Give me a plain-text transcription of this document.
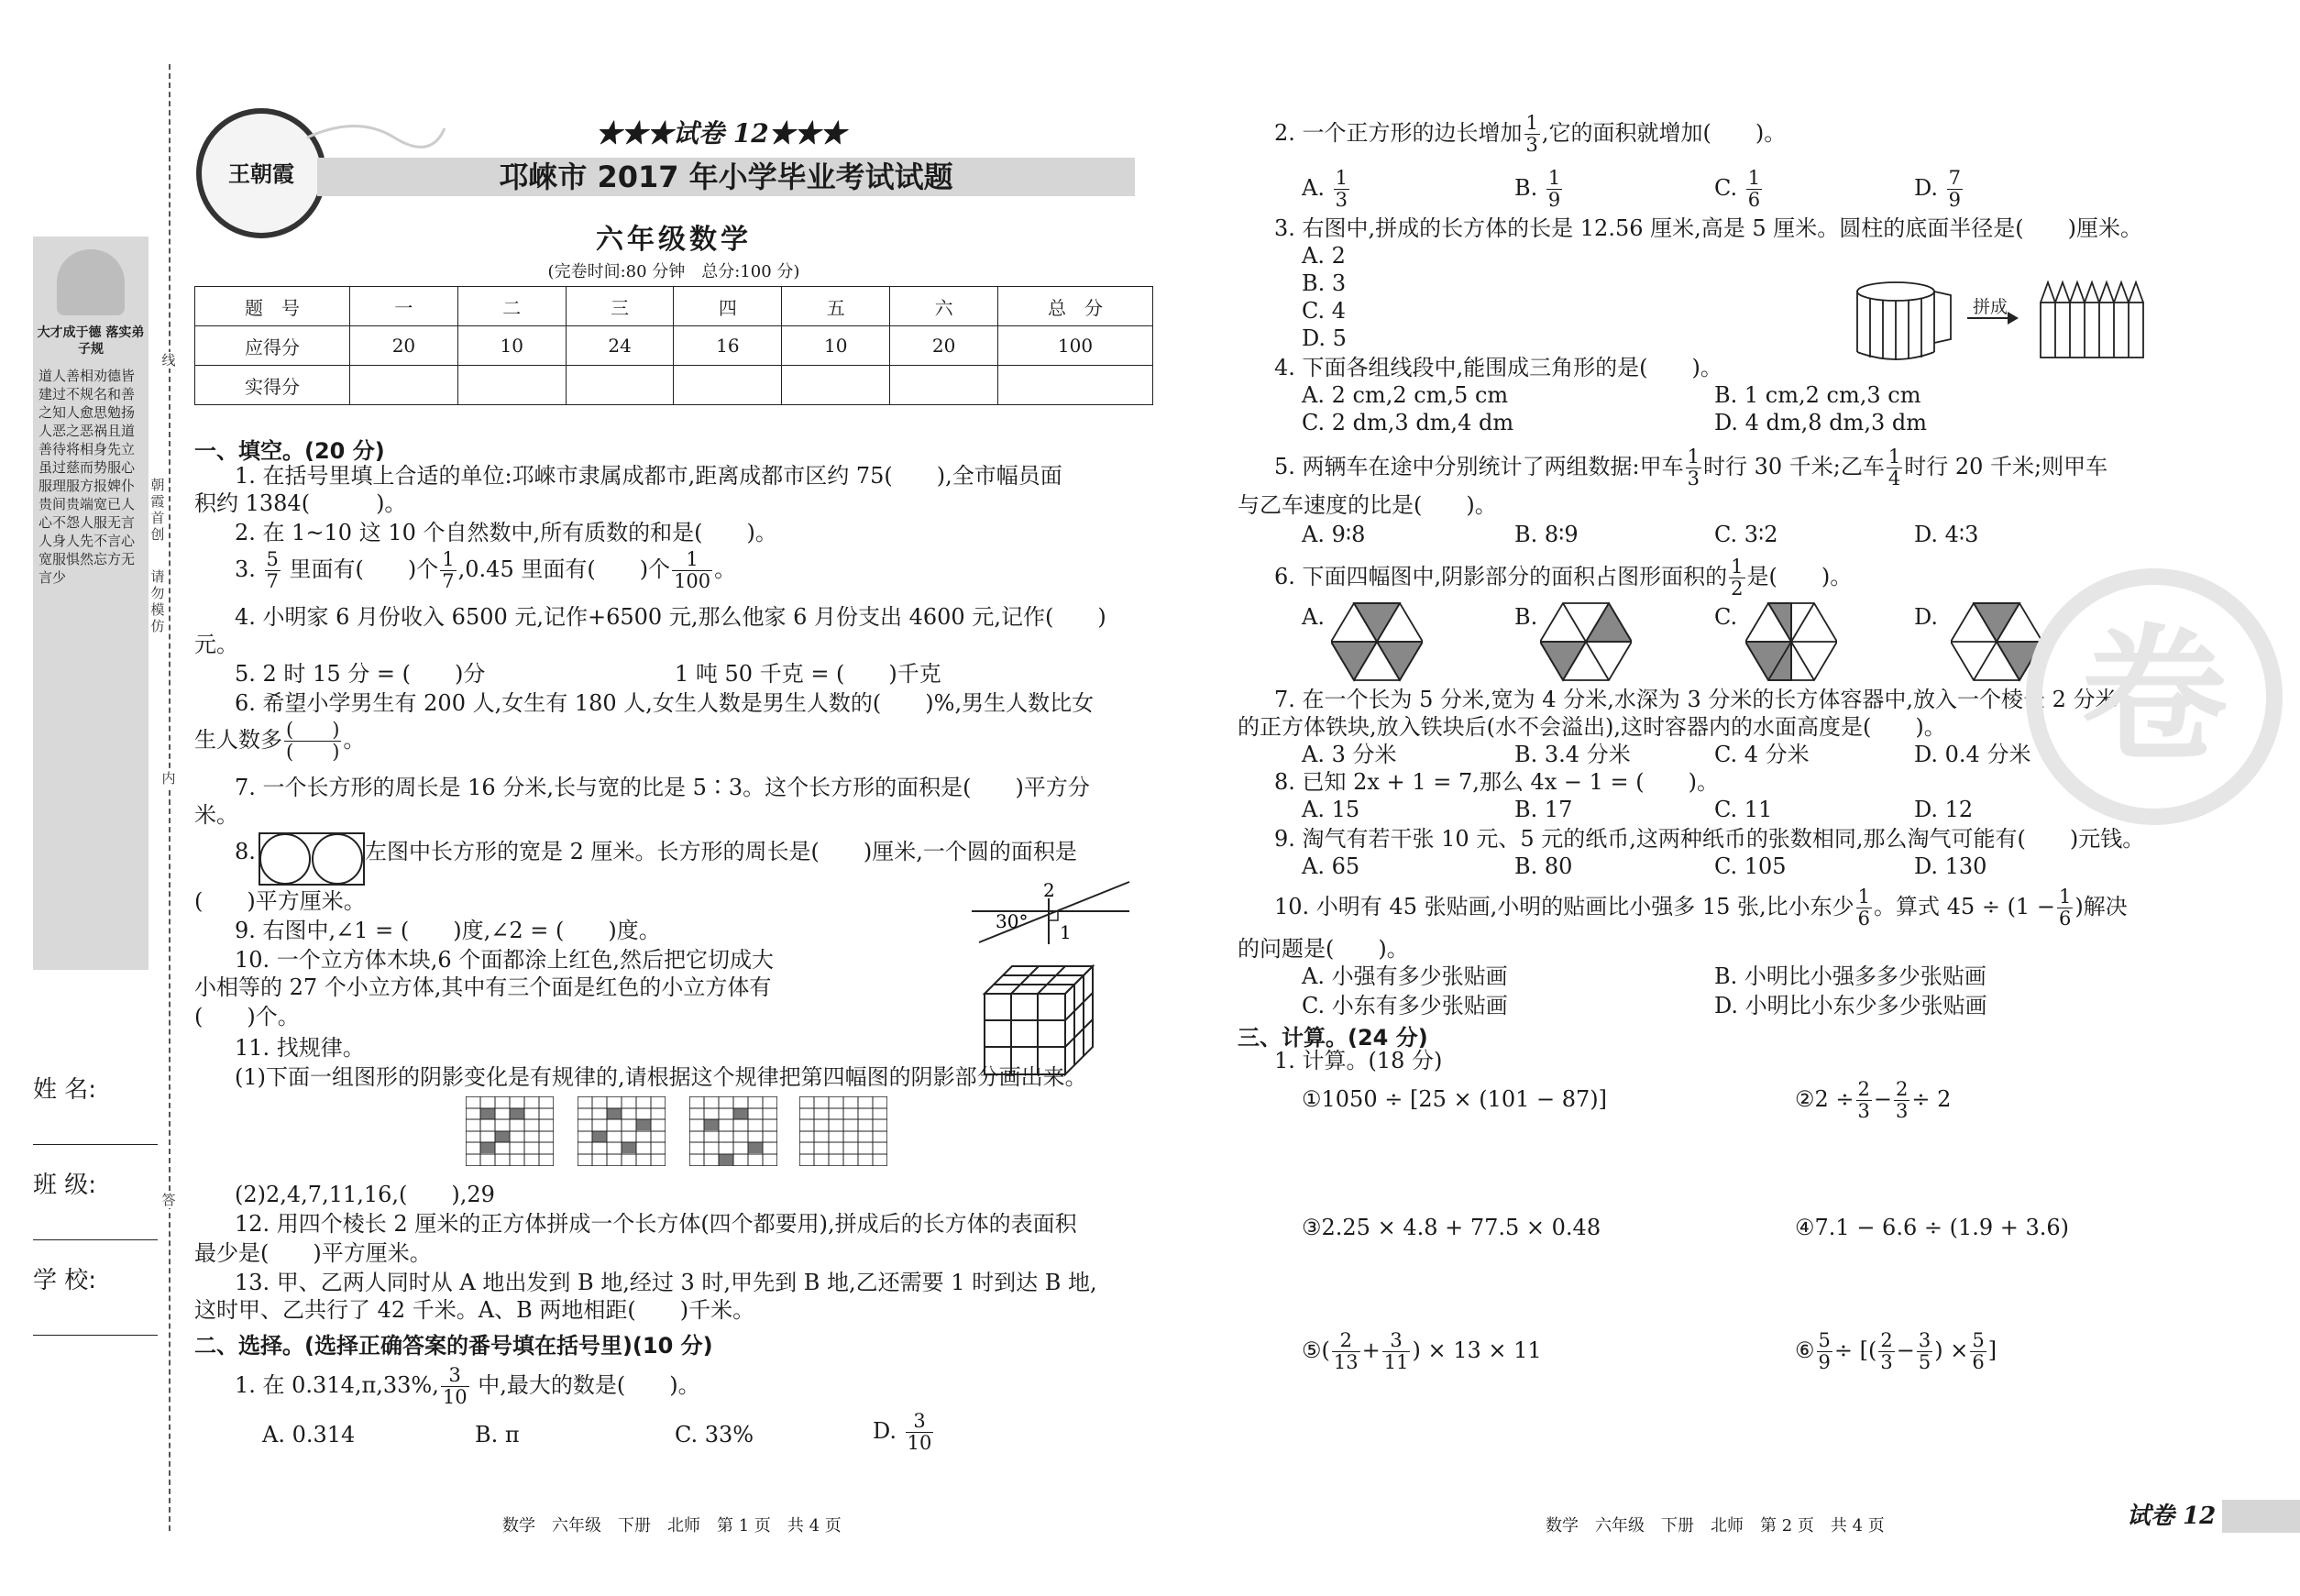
王朝霞
★★★试卷 12★★★
邛崍市 2017 年小学毕业考试试题
六年级数学
(完卷时间:80 分钟　总分:100 分)
题　号	一	二	三	四	五	六	总　分
应得分	20	10	24	16	10	20	100
实得分							
大才成于德 落实弟子规
道人善相劝德皆建过不规名和善之知人愈思勉扬人恶之恶祸且道善待将相身先立虽过慈而势服心服理服方报婢仆贵间贵端宽已人心不怨人服无言人身人先不言心宽服惧然忘方无言少
线
朝霞首创
请勿模仿
内
答
姓 名:
班 级:
学 校:
一、填空。(20 分)
1. 在括号里填上合适的单位:邛崍市隶属成都市,距离成都市区约 75(　　),全市幅员面
积约 1384(　　　)。
2. 在 1~10 这 10 个自然数中,所有质数的和是(　　)。
3. $\frac{5}{7}$ 里面有(　　)个 $\frac{1}{7} ,0.45$ 里面有(　　)个 $\frac{1}{100}$ 。
4. 小明家 6 月份收入 6500 元,记作+6500 元,那么他家 6 月份支出 4600 元,记作(　　)
元。
5. 2 时 15 分 = (　　)分	1 吨 50 千克 = (　　)千克
6. 希望小学男生有 200 人,女生有 180 人,女生人数是男生人数的(　　)%,男生人数比女
生人数多 $\frac{( )}{( )}$ 。
7. 一个长方形的周长是 16 分米,长与宽的比是 5∶3。这个长方形的面积是(　　)平方分
米。
8.	左图中长方形的宽是 2 厘米。长方形的周长是(　　)厘米,一个圆的面积是
(　　)平方厘米。
9. 右图中,∠1 = (　　)度,∠2 = (　　)度。	30° 1
2
10. 一个立方体木块,6 个面都涂上红色,然后把它切成大
小相等的 27 个小立方体,其中有三个面是红色的小立方体有
(　　)个。
11. 找规律。
(1)下面一组图形的阴影变化是有规律的,请根据这个规律把第四幅图的阴影部分画出来。
(2)2,4,7,11,16,(　　),29
12. 用四个棱长 2 厘米的正方体拼成一个长方体(四个都要用),拼成后的长方体的表面积
最少是(　　)平方厘米。
13. 甲、乙两人同时从 A 地出发到 B 地,经过 3 时,甲先到 B 地,乙还需要 1 时到达 B 地,
这时甲、乙共行了 42 千米。A、B 两地相距(　　)千米。
二、选择。(选择正确答案的番号填在括号里)(10 分)
1. 在 0.314,π,33%, $\frac{3}{10}$ 中,最大的数是(　　)。
A. 0.314	B. π	C. 33%	D. $\frac{3}{10}$
2. 一个正方形的边长增加 $\frac{1}{3}$ ,它的面积就增加(　　)。
A. $\frac{1}{3}$	B. $\frac{1}{9}$	C. $\frac{1}{6}$	D. $\frac{7}{9}$
3. 右图中,拼成的长方体的长是 12.56 厘米,高是 5 厘米。圆柱的底面半径是(　　)厘米。
A. 2
B. 3
C. 4
D. 5
拼成
4. 下面各组线段中,能围成三角形的是(　　)。
A. 2 cm,2 cm,5 cm	B. 1 cm,2 cm,3 cm
C. 2 dm,3 dm,4 dm	D. 4 dm,8 dm,3 dm
5. 两辆车在途中分别统计了两组数据:甲车 $\frac{1}{3}$ 时行 30 千米;乙车 $\frac{1}{4}$ 时行 20 千米;则甲车
与乙车速度的比是(　　)。
A. 9∶8	B. 8∶9	C. 3∶2	D. 4∶3
6. 下面四幅图中,阴影部分的面积占图形面积的 $\frac{1}{2}$ 是(　　)。
A.	B.	C.	D.
7. 在一个长为 5 分米,宽为 4 分米,水深为 3 分米的长方体容器中,放入一个棱长 2 分米
的正方体铁块,放入铁块后(水不会溢出),这时容器内的水面高度是(　　)。
A. 3 分米	B. 3.4 分米	C. 4 分米	D. 0.4 分米
8. 已知 2x + 1 = 7,那么 4x − 1 = (　　)。
A. 15	B. 17	C. 11	D. 12
9. 淘气有若干张 10 元、5 元的纸币,这两种纸币的张数相同,那么淘气可能有(　　)元钱。
A. 65	B. 80	C. 105	D. 130
10. 小明有 45 张贴画,小明的贴画比小强多 15 张,比小东少 $\frac{1}{6}$ 。算式 $45 \div (1 - \frac{1}{6}$ )解决
的问题是(　　)。
A. 小强有多少张贴画	B. 小明比小强多多少张贴画
C. 小东有多少张贴画	D. 小明比小东少多少张贴画
三、计算。(24 分)
1. 计算。(18 分)
①1050 ÷ [25 × (101 − 87)]	②2 ÷ $\frac{2}{3} - \frac{2}{3} \div 2$
③2.25 × 4.8 + 77.5 × 0.48	④7.1 − 6.6 ÷ (1.9 + 3.6)
⑤( $\frac{2}{13} + \frac{3}{11}$ ) × 13 × 11	⑥ $\frac{5}{9}$ ÷ [( $\frac{2}{3} - \frac{3}{5}$ ) × $\frac{5}{6}$ ]
卷
数学　六年级　下册　北师　第 1 页　共 4 页	数学　六年级　下册　北师　第 2 页　共 4 页	试卷 12
